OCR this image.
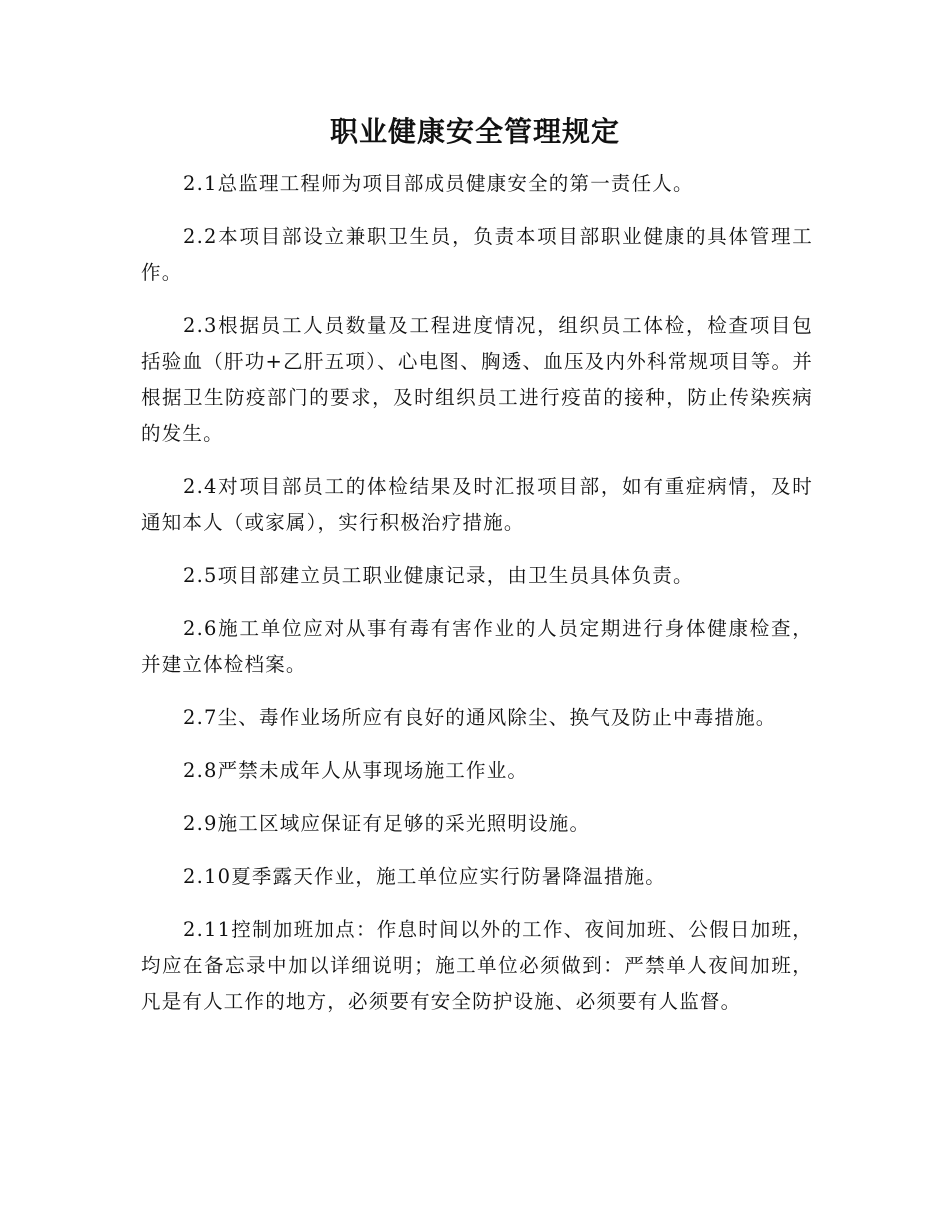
职业健康安全管理规定

2.1总监理工程师为项目部成员健康安全的第一责任人。

2.2本项目部设立兼职卫生员，负责本项目部职业健康的具体管理工作。

2.3根据员工人员数量及工程进度情况，组织员工体检，检查项目包括验血（肝功+乙肝五项）、心电图、胸透、血压及内外科常规项目等。并根据卫生防疫部门的要求，及时组织员工进行疫苗的接种，防止传染疾病的发生。

2.4对项目部员工的体检结果及时汇报项目部，如有重症病情，及时通知本人（或家属），实行积极治疗措施。

2.5项目部建立员工职业健康记录，由卫生员具体负责。

2.6施工单位应对从事有毒有害作业的人员定期进行身体健康检查，并建立体检档案。

2.7尘、毒作业场所应有良好的通风除尘、换气及防止中毒措施。

2.8严禁未成年人从事现场施工作业。

2.9施工区域应保证有足够的采光照明设施。

2.10夏季露天作业，施工单位应实行防暑降温措施。

2.11控制加班加点：作息时间以外的工作、夜间加班、公假日加班，均应在备忘录中加以详细说明；施工单位必须做到：严禁单人夜间加班，凡是有人工作的地方，必须要有安全防护设施、必须要有人监督。
